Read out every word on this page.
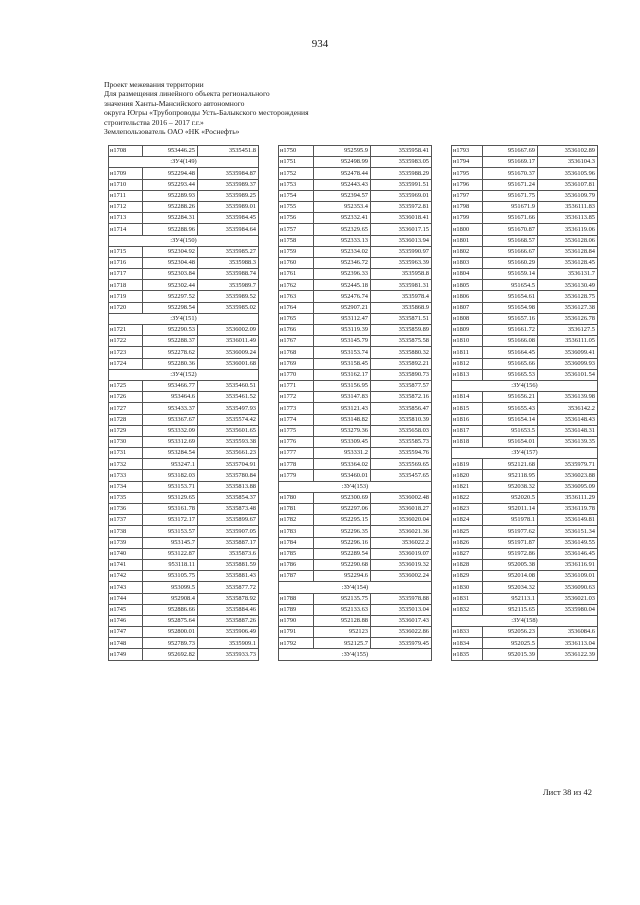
934
Проект межевания территории
Для размещения линейного объекта регионального
значения Ханты-Мансийского автономного
округа Югры «Трубопроводы Усть-Балыкского месторождения
строительства 2016 – 2017 г.г.»
Землепользователь ОАО «НК «Роснефть»
н1708	953446.25	3535451.8
:ЗУ4(149)		
н1709	952294.48	3535984.87
н1710	952293.44	3535989.37
н1711	952289.93	3535989.25
н1712	952288.26	3535989.01
н1713	952284.31	3535984.45
н1714	952288.96	3535984.64
:ЗУ4(150)		
н1715	952304.92	3535985.27
н1716	952304.48	3535988.3
н1717	952303.84	3535988.74
н1718	952302.44	3535989.7
н1719	952297.52	3535989.52
н1720	952298.54	3535985.02
:ЗУ4(151)		
н1721	952290.53	3536002.09
н1722	952288.37	3536011.49
н1723	952278.62	3536009.24
н1724	952280.36	3536001.68
:ЗУ4(152)		
н1725	953466.77	3535460.51
н1726	953464.6	3535461.52
н1727	953433.37	3535497.93
н1728	953367.67	3535574.42
н1729	953332.09	3535601.65
н1730	953312.69	3535593.38
н1731	953284.54	3535661.23
н1732	953247.1	3535704.91
н1733	953182.03	3535780.84
н1734	953153.71	3535813.88
н1735	953129.65	3535854.37
н1736	953161.78	3535873.48
н1737	953172.17	3535899.67
н1738	953153.57	3535907.05
н1739	953145.7	3535887.17
н1740	953122.87	3535873.6
н1741	953118.11	3535881.59
н1742	953105.75	3535881.43
н1743	953099.5	3535877.72
н1744	952908.4	3535878.92
н1745	952886.66	3535884.46
н1746	952875.64	3535887.26
н1747	952800.01	3535906.49
н1748	952789.73	3535909.1
н1749	952692.82	3535933.73
н1750	952595.9	3535958.41
н1751	952498.99	3535983.05
н1752	952478.44	3535988.29
н1753	952443.43	3535991.51
н1754	952394.57	3535969.01
н1755	952353.4	3535972.81
н1756	952332.41	3536018.41
н1757	952329.65	3536017.15
н1758	952333.13	3536013.94
н1759	952334.02	3535990.97
н1760	952346.72	3535963.39
н1761	952396.33	3535958.8
н1762	952445.18	3535981.31
н1763	952476.74	3535978.4
н1764	952907.21	3535868.9
н1765	953112.47	3535871.51
н1766	953119.39	3535859.89
н1767	953145.79	3535875.58
н1768	953153.74	3535880.32
н1769	953158.45	3535892.21
н1770	953162.17	3535890.73
н1771	953156.95	3535877.57
н1772	953147.83	3535872.16
н1773	953121.43	3535856.47
н1774	953148.82	3535810.39
н1775	953279.36	3535658.03
н1776	953309.45	3535585.73
н1777	953331.2	3535594.76
н1778	953364.02	3535569.65
н1779	953460.01	3535457.65
:ЗУ4(153)		
н1780	952300.69	3536002.48
н1781	952297.06	3536018.27
н1782	952295.15	3536020.04
н1783	952296.35	3536021.36
н1784	952296.16	3536022.2
н1785	952289.54	3536019.07
н1786	952290.68	3536019.32
н1787	952294.6	3536002.24
:ЗУ4(154)		
н1788	952135.75	3535978.88
н1789	952133.63	3535013.04
н1790	952128.88	3536017.43
н1791	952123	3536022.86
н1792	952125.7	3535979.45
:ЗУ4(155)		
н1793	951667.69	3536102.89
н1794	951669.17	3536104.3
н1795	951670.37	3536105.96
н1796	951671.24	3536107.81
н1797	951671.75	3536109.79
н1798	951671.9	3536111.83
н1799	951671.66	3536113.85
н1800	951670.87	3536119.06
н1801	951668.57	3536128.06
н1802	951666.67	3536128.84
н1803	951660.29	3536128.45
н1804	951659.14	3536131.7
н1805	951654.5	3536130.49
н1806	951654.61	3536128.75
н1807	951654.98	3536127.38
н1808	951657.16	3536126.78
н1809	951661.72	3536127.5
н1810	951666.08	3536111.05
н1811	951664.45	3536099.41
н1812	951665.66	3536099.93
н1813	951665.53	3536101.54
:ЗУ4(156)		
н1814	951656.21	3536139.98
н1815	951655.43	3536142.2
н1816	951654.14	3536148.43
н1817	951653.5	3536148.31
н1818	951654.01	3536139.35
:ЗУ4(157)		
н1819	952121.68	3535979.71
н1820	952118.95	3536023.88
н1821	952038.32	3536095.09
н1822	952020.5	3536111.29
н1823	952011.14	3536119.78
н1824	951978.1	3536149.81
н1825	951977.62	3536151.34
н1826	951971.87	3536149.55
н1827	951972.86	3536146.45
н1828	952005.38	3536116.91
н1829	952014.08	3536109.01
н1830	952034.32	3536090.63
н1831	952113.1	3536021.03
н1832	952115.65	3535980.04
:ЗУ4(158)		
н1833	952056.23	3536084.6
н1834	952025.5	3536113.04
н1835	952015.39	3536122.39
Лист 38 из 42
